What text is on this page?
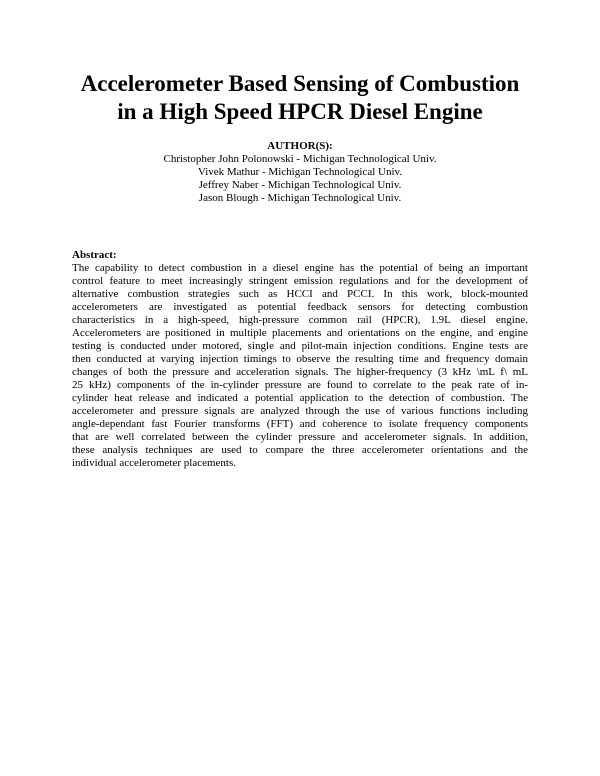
Accelerometer Based Sensing of Combustion
in a High Speed HPCR Diesel Engine
AUTHOR(S):
Christopher John Polonowski - Michigan Technological Univ.
Vivek Mathur - Michigan Technological Univ.
Jeffrey Naber - Michigan Technological Univ.
Jason Blough - Michigan Technological Univ.
Abstract:

The capability to detect combustion in a diesel engine has the potential of being an important
control feature to meet increasingly stringent emission regulations and for the development of
alternative combustion strategies such as HCCI and PCCI. In this work, block-mounted
accelerometers are investigated as potential feedback sensors for detecting combustion
characteristics in a high-speed, high-pressure common rail (HPCR), 1.9L diesel engine.
Accelerometers are positioned in multiple placements and orientations on the engine, and engine
testing is conducted under motored, single and pilot-main injection conditions. Engine tests are
then conducted at varying injection timings to observe the resulting time and frequency domain
changes of both the pressure and acceleration signals. The higher-frequency (3 kHz \mL f\ mL
25 kHz) components of the in-cylinder pressure are found to correlate to the peak rate of in-
cylinder heat release and indicated a potential application to the detection of combustion. The
accelerometer and pressure signals are analyzed through the use of various functions including
angle-dependant fast Fourier transforms (FFT) and coherence to isolate frequency components
that are well correlated between the cylinder pressure and accelerometer signals. In addition,
these analysis techniques are used to compare the three accelerometer orientations and the
individual accelerometer placements.
